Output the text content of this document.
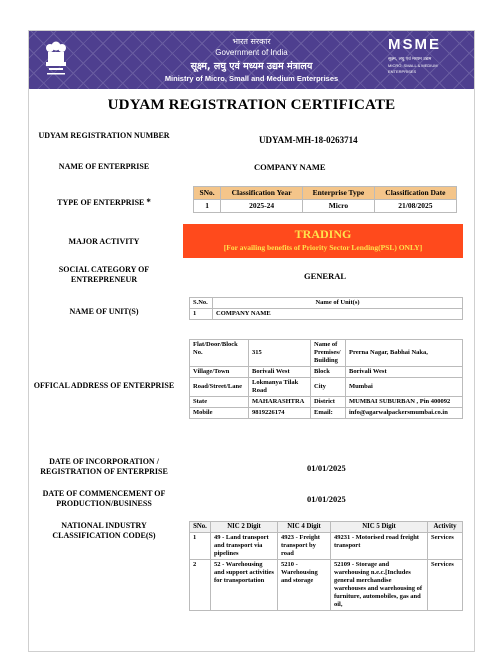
भारत सरकार
Government of India
सूक्ष्म, लघु एवं मध्यम उद्यम मंत्रालय
Ministry of Micro, Small and Medium Enterprises
MSME
सूक्ष्म, लघु एवं मध्यम उद्यम
MICRO, SMALL & MEDIUM ENTERPRISES
UDYAM REGISTRATION CERTIFICATE
UDYAM REGISTRATION NUMBER	UDYAM-MH-18-0263714
NAME OF ENTERPRISE	COMPANY NAME
TYPE OF ENTERPRISE *
SNo.	Classification Year	Enterprise Type	Classification Date
1	2025-24	Micro	21/08/2025
MAJOR ACTIVITY
TRADING
[For availing benefits of Priority Sector Lending(PSL) ONLY]
SOCIAL CATEGORY OF ENTREPRENEUR	GENERAL
NAME OF UNIT(S)
S.No.	Name of Unit(s)
1	COMPANY NAME
OFFICAL ADDRESS OF ENTERPRISE
Flat/Door/Block No.	315	Name of Premises/ Building	Prerna Nagar, Babhai Naka,
Village/Town	Borivali West	Block	Borivali West
Road/Street/Lane	Lokmanya Tilak Road	City	Mumbai
State	MAHARASHTRA	District	MUMBAI SUBURBAN , Pin 400092
Mobile	9819226174	Email:	info@agarwalpackersmumbai.co.in
DATE OF INCORPORATION / REGISTRATION OF ENTERPRISE	01/01/2025
DATE OF COMMENCEMENT OF PRODUCTION/BUSINESS	01/01/2025
NATIONAL INDUSTRY CLASSIFICATION CODE(S)
SNo.	NIC 2 Digit	NIC 4 Digit	NIC 5 Digit	Activity
1	49 - Land transport and transport via pipelines	4923 - Freight transport by road	49231 - Motorised road freight transport	Services
2	52 - Warehousing and support activities for transportation	5210 - Warehousing and storage	52109 - Storage and warehousing n.e.c.[Includes general merchandise warehouses and warehousing of furniture, automobiles, gas and oil,	Services
